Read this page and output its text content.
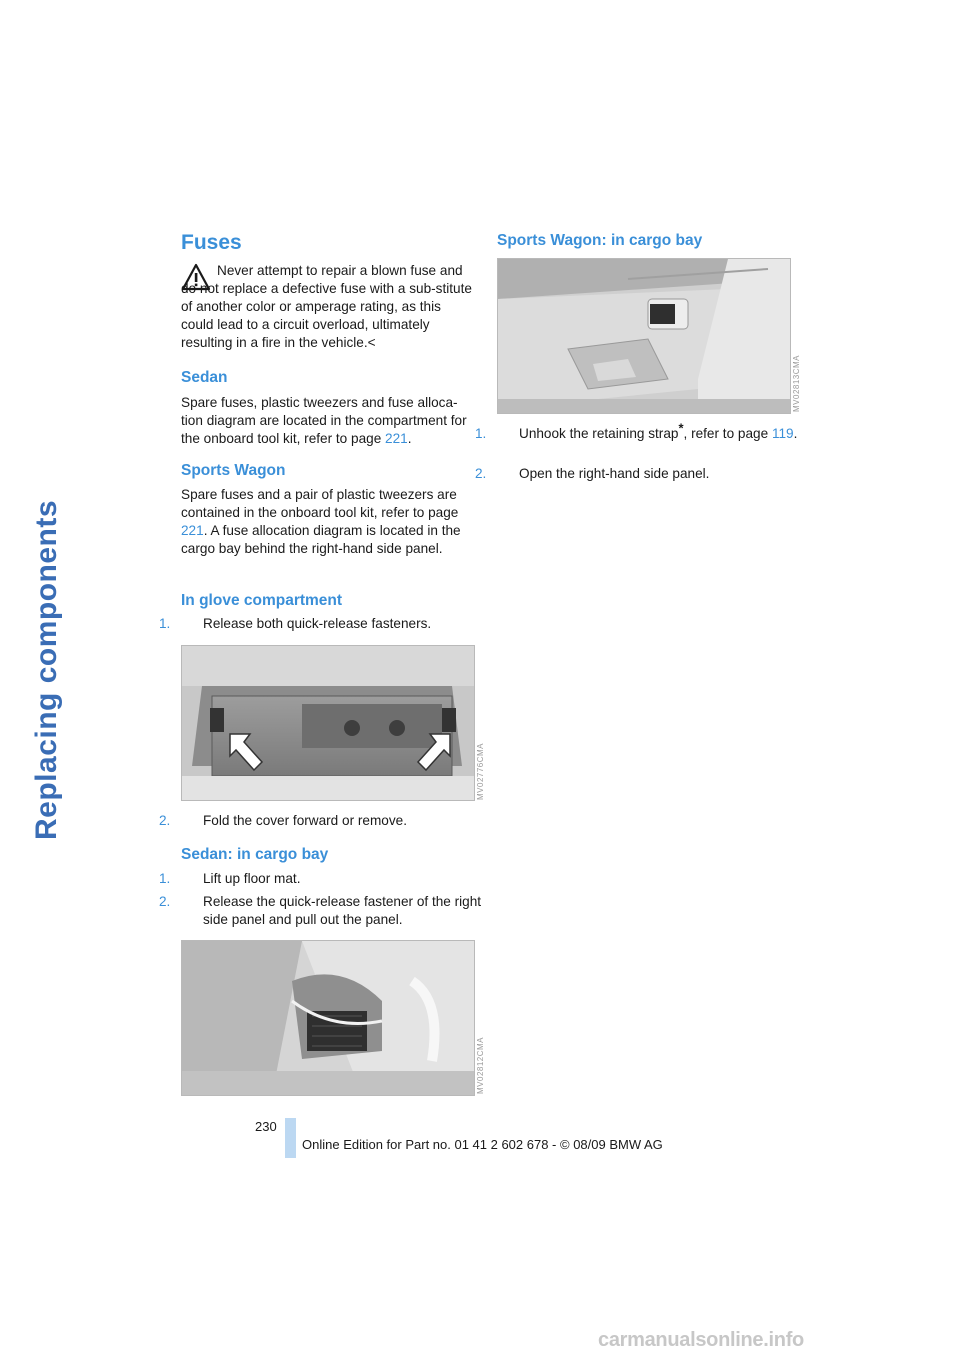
Replacing components
Fuses

Never attempt to repair a blown fuse and do not replace a defective fuse with a sub-stitute of another color or amperage rating, as this could lead to a circuit overload, ultimately resulting in a fire in the vehicle.<

Sedan

Spare fuses, plastic tweezers and fuse alloca-tion diagram are located in the compartment for the onboard tool kit, refer to page 221.

Sports Wagon

Spare fuses and a pair of plastic tweezers are contained in the onboard tool kit, refer to page 221. A fuse allocation diagram is located in the cargo bay behind the right-hand side panel.

In glove compartment

1. Release both quick-release fasteners.

MV02776CMA

2. Fold the cover forward or remove.

Sedan: in cargo bay

1. Lift up floor mat.

2. Release the quick-release fastener of the right side panel and pull out the panel.

MV02812CMA
Sports Wagon: in cargo bay
MV02813CMA

1. Unhook the retaining strap*, refer to page 119.

2. Open the right-hand side panel.

230
Online Edition for Part no. 01 41 2 602 678 - © 08/09 BMW AG
carmanualsonline.info
